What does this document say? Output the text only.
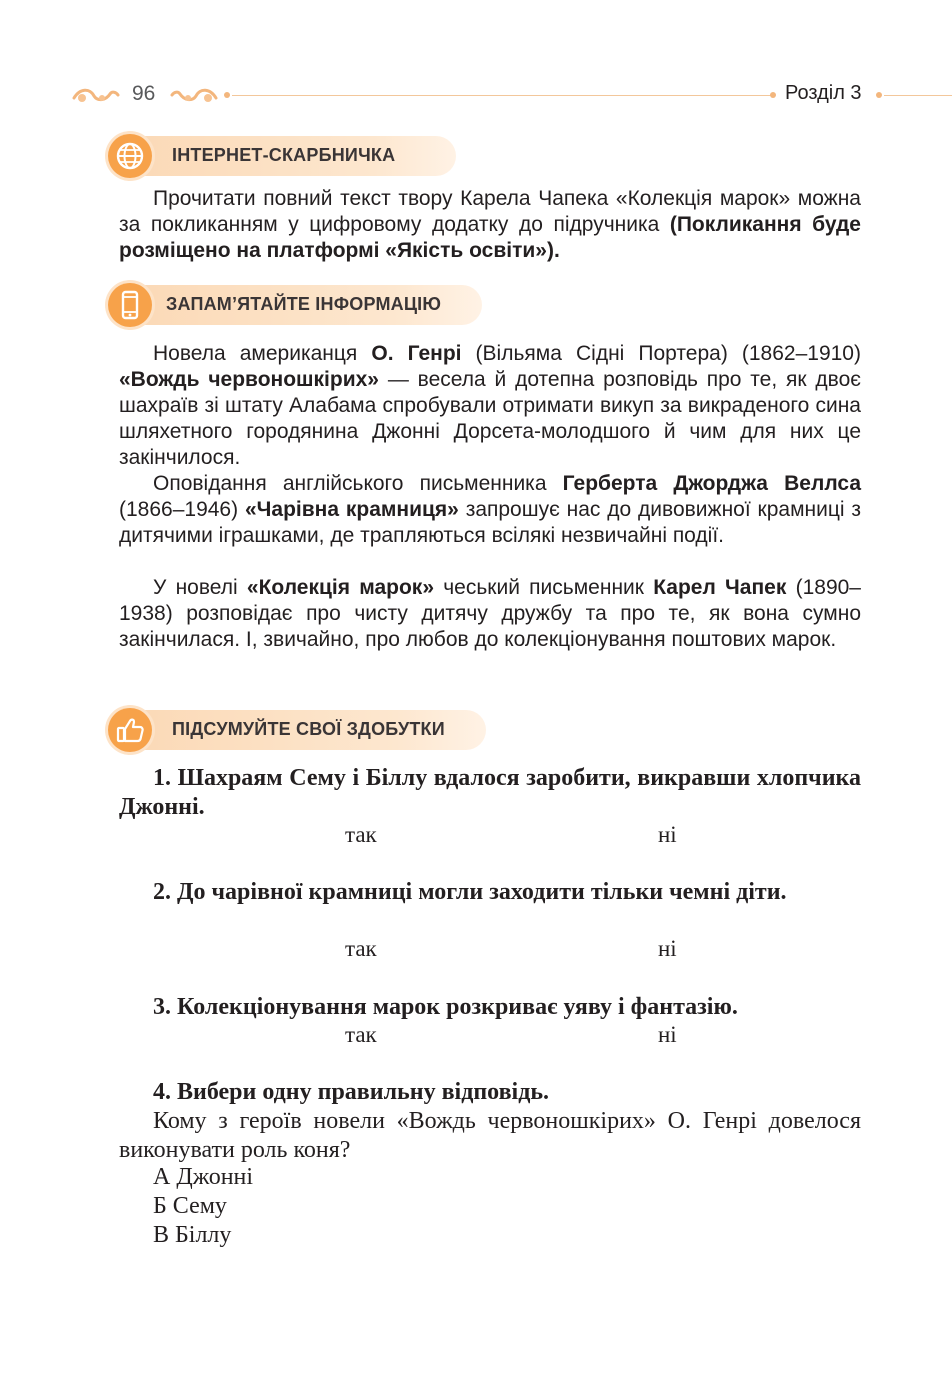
96	Розділ 3
ІНТЕРНЕТ-СКАРБНИЧКА
Прочитати повний текст твору Карела Чапека «Колекція марок» можна за покликанням у цифровому додатку до підручника (Покликання буде розміщено на платформі «Якість освіти»).
ЗАПАМ’ЯТАЙТЕ ІНФОРМАЦІЮ
Новела американця О. Генрі (Вільяма Сідні Портера) (1862–1910) «Вождь червоношкірих» — весела й дотепна розповідь про те, як двоє шахраїв зі штату Алабама спробували отримати викуп за викраденого сина шляхетного городянина Джонні Дорсета-молодшого й чим для них це закінчилося.
Оповідання англійського письменника Герберта Джорджа Веллса (1866–1946) «Чарівна крамниця» запрошує нас до дивовижної крамниці з дитячими іграшками, де трапляються всілякі незвичайні події.
У новелі «Колекція марок» чеський письменник Карел Чапек (1890–1938) розповідає про чисту дитячу дружбу та про те, як вона сумно закінчилася. І, звичайно, про любов до колекціонування поштових марок.
ПІДСУМУЙТЕ СВОЇ ЗДОБУТКИ
1. Шахраям Сему і Біллу вдалося заробити, викравши хлопчика Джонні.
так	ні
2. До чарівної крамниці могли заходити тільки чемні діти.
так	ні
3. Колекціонування марок розкриває уяву і фантазію.
так	ні
4. Вибери одну правильну відповідь.
Кому з героїв новели «Вождь червоношкірих» О. Генрі довелося виконувати роль коня?
А Джонні
Б Сему
В Біллу
